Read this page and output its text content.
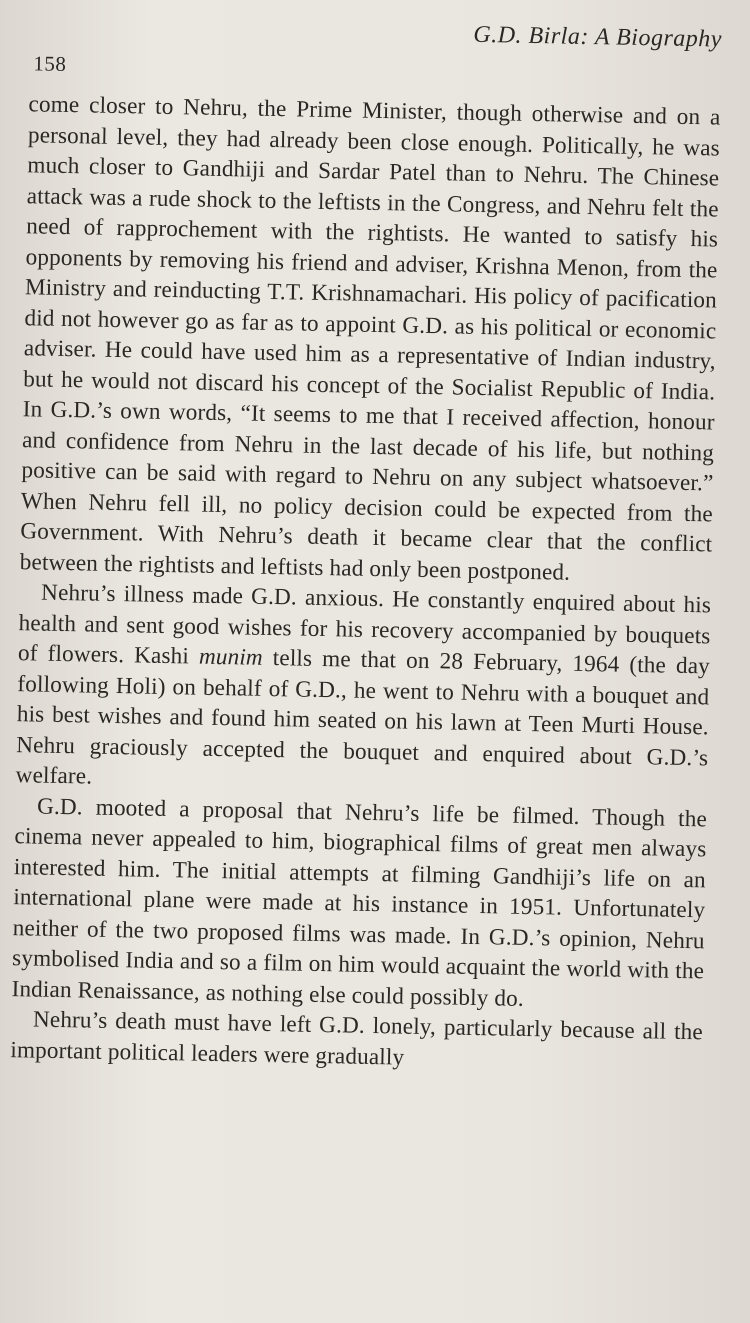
G.D. Birla: A Biography
158

come closer to Nehru, the Prime Minister, though otherwise and on a personal level, they had already been close enough. Politically, he was much closer to Gandhiji and Sardar Patel than to Nehru. The Chinese attack was a rude shock to the leftists in the Congress, and Nehru felt the need of rapprochement with the rightists. He wanted to satisfy his opponents by removing his friend and adviser, Krishna Menon, from the Ministry and reinducting T.T. Krishnamachari. His policy of pacification did not however go as far as to appoint G.D. as his political or economic adviser. He could have used him as a representative of Indian industry, but he would not discard his concept of the Socialist Republic of India. In G.D.’s own words, “It seems to me that I received affection, honour and confidence from Nehru in the last decade of his life, but nothing positive can be said with regard to Nehru on any subject whatsoever.” When Nehru fell ill, no policy decision could be expected from the Government. With Nehru’s death it became clear that the conflict between the rightists and leftists had only been postponed.

Nehru’s illness made G.D. anxious. He constantly enquired about his health and sent good wishes for his recovery accompanied by bouquets of flowers. Kashi munim tells me that on 28 February, 1964 (the day following Holi) on behalf of G.D., he went to Nehru with a bouquet and his best wishes and found him seated on his lawn at Teen Murti House. Nehru graciously accepted the bouquet and enquired about G.D.’s welfare.

G.D. mooted a proposal that Nehru’s life be filmed. Though the cinema never appealed to him, biographical films of great men always interested him. The initial attempts at filming Gandhiji’s life on an international plane were made at his instance in 1951. Unfortunately neither of the two proposed films was made. In G.D.’s opinion, Nehru symbolised India and so a film on him would acquaint the world with the Indian Renaissance, as nothing else could possibly do.

Nehru’s death must have left G.D. lonely, particularly because all the important political leaders were gradually
